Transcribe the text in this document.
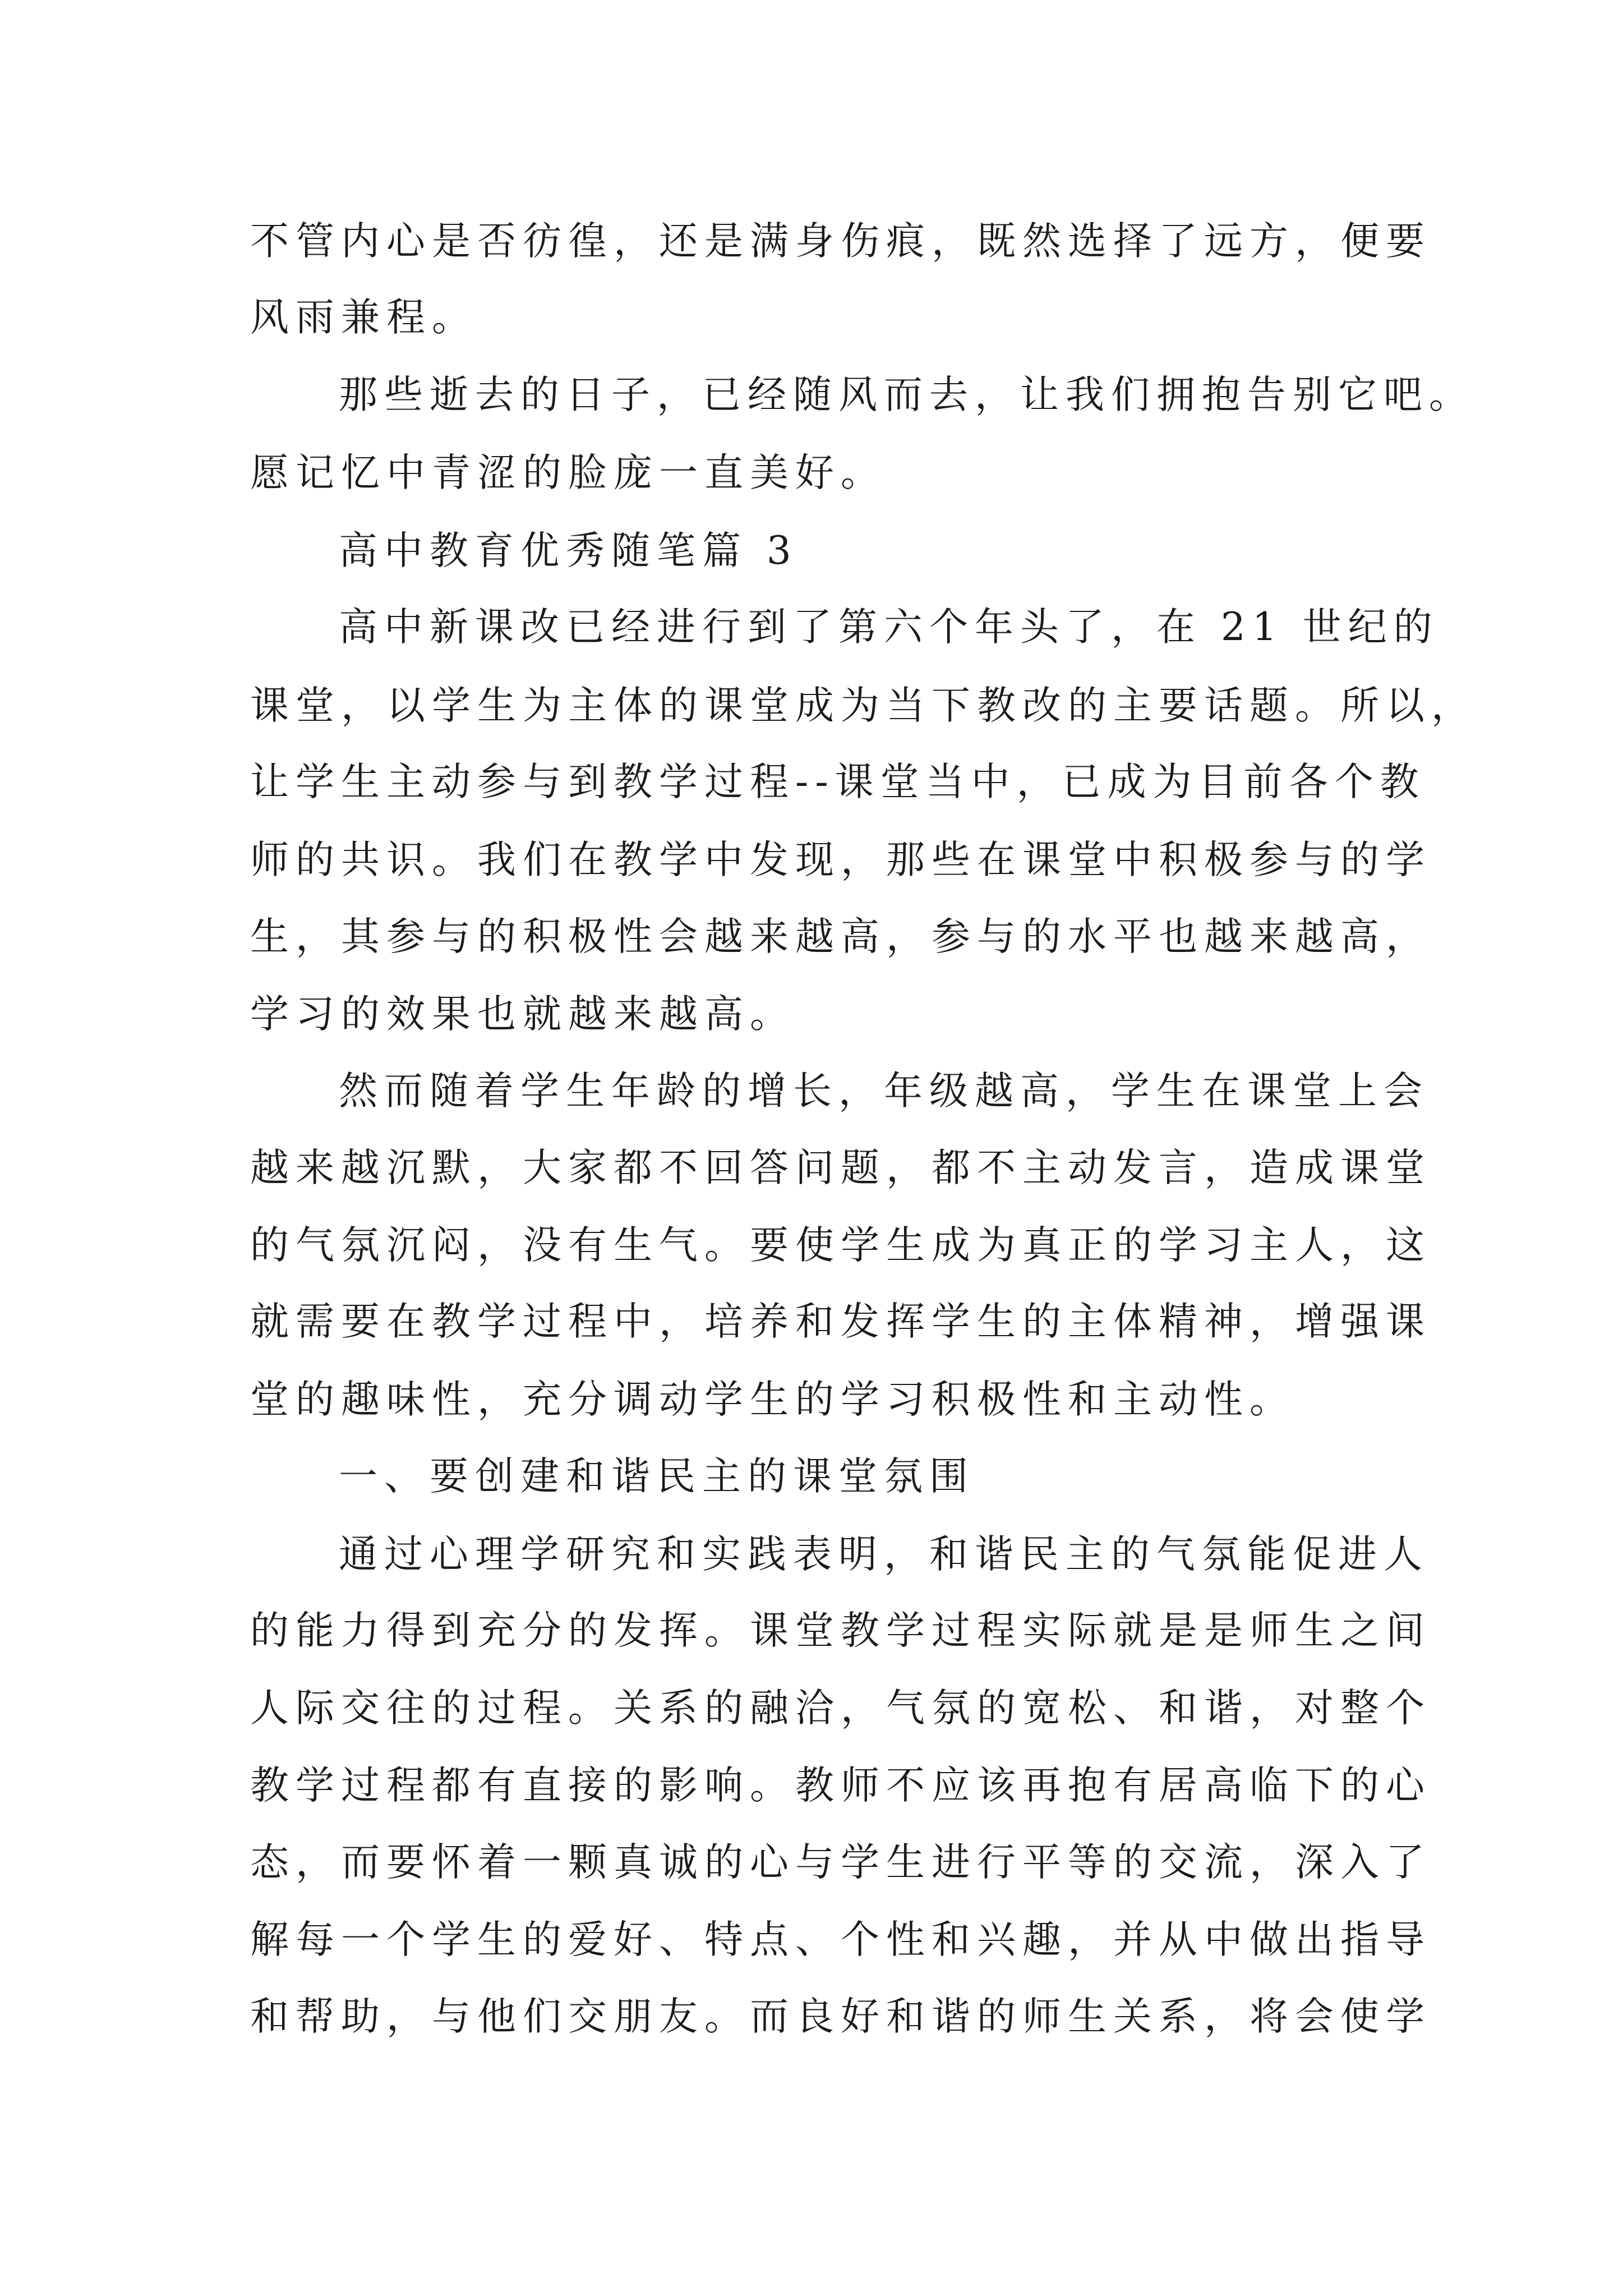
不管内心是否彷徨，还是满身伤痕，既然选择了远方，便要
风雨兼程。
那些逝去的日子，已经随风而去，让我们拥抱告别它吧。
愿记忆中青涩的脸庞一直美好。
高中教育优秀随笔篇 3
高中新课改已经进行到了第六个年头了，在 21 世纪的
课堂，以学生为主体的课堂成为当下教改的主要话题。所以，
让学生主动参与到教学过程--课堂当中，已成为目前各个教
师的共识。我们在教学中发现，那些在课堂中积极参与的学
生，其参与的积极性会越来越高，参与的水平也越来越高，
学习的效果也就越来越高。
然而随着学生年龄的增长，年级越高，学生在课堂上会
越来越沉默，大家都不回答问题，都不主动发言，造成课堂
的气氛沉闷，没有生气。要使学生成为真正的学习主人，这
就需要在教学过程中，培养和发挥学生的主体精神，增强课
堂的趣味性，充分调动学生的学习积极性和主动性。
一、要创建和谐民主的课堂氛围
通过心理学研究和实践表明，和谐民主的气氛能促进人
的能力得到充分的发挥。课堂教学过程实际就是是师生之间
人际交往的过程。关系的融洽，气氛的宽松、和谐，对整个
教学过程都有直接的影响。教师不应该再抱有居高临下的心
态，而要怀着一颗真诚的心与学生进行平等的交流，深入了
解每一个学生的爱好、特点、个性和兴趣，并从中做出指导
和帮助，与他们交朋友。而良好和谐的师生关系，将会使学
